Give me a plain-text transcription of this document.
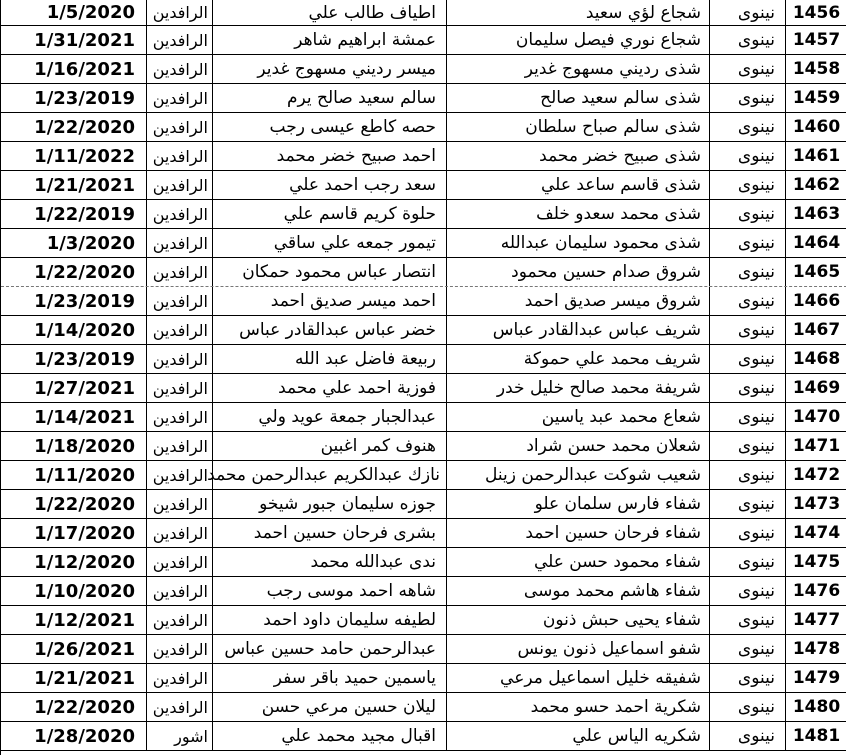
1/5/2020 الرافدين	اطياف طالب علي	شجاع لؤي سعيد نينوى 1456
1/31/2021 الرافدين	عمشة ابراهيم شاهر	شجاع نوري فيصل سليمان نينوى 1457
1/16/2021 الرافدين	ميسر رديني مسهوج غدير	شذى رديني مسهوج غدير نينوى 1458
1/23/2019 الرافدين	سالم سعيد صالح يرم	شذى سالم سعيد صالح نينوى 1459
1/22/2020 الرافدين	حصه كاطع عيسى رجب	شذى سالم صباح سلطان نينوى 1460
1/11/2022 الرافدين	احمد صبيح خضر محمد	شذى صبيح خضر محمد نينوى 1461
1/21/2021 الرافدين	سعد رجب احمد علي	شذى قاسم ساعد علي نينوى 1462
1/22/2019 الرافدين	حلوة كريم قاسم علي	شذى محمد سعدو خلف نينوى 1463
1/3/2020 الرافدين	تيمور جمعه علي ساقي	شذى محمود سليمان عبدالله نينوى 1464
1/22/2020 الرافدين انتصار عباس محمود حمكان	شروق صدام حسين محمود نينوى 1465
1/23/2019 الرافدين	احمد ميسر صديق احمد	شروق ميسر صديق احمد نينوى 1466
1/14/2020 الرافدين خضر عباس عبدالقادر عباس	شريف عباس عبدالقادر عباس نينوى 1467
1/23/2019 الرافدين	ربيعة فاضل عبد الله	شريف محمد علي حموكة نينوى 1468
1/27/2021 الرافدين	فوزية احمد علي محمد	شريفة محمد صالح خليل خدر نينوى 1469
1/14/2021 الرافدين	عبدالجبار جمعة عويد ولي	شعاع محمد عبد ياسين نينوى 1470
1/18/2020 الرافدين	هنوف كمر اغبين	شعلان محمد حسن شراد نينوى 1471
1/11/2020 الرافدين نازك عبدالكريم عبدالرحمن محمد	شعيب شوكت عبدالرحمن زينل نينوى 1472
1/22/2020 الرافدين	جوزه سليمان جبور شيخو	شفاء فارس سلمان علو نينوى 1473
1/17/2020 الرافدين	بشرى فرحان حسين احمد	شفاء فرحان حسين احمد نينوى 1474
1/12/2020 الرافدين	ندى عبدالله محمد	شفاء محمود حسن علي نينوى 1475
1/10/2020 الرافدين	شاهه احمد موسى رجب	شفاء هاشم محمد موسى نينوى 1476
1/12/2021 الرافدين	لطيفه سليمان داود احمد	شفاء يحيى حبش ذنون نينوى 1477
1/26/2021 الرافدين عبدالرحمن حامد حسين عباس	شفو اسماعيل ذنون يونس نينوى 1478
1/21/2021 الرافدين	ياسمين حميد باقر سفر	شفيقه خليل اسماعيل مرعي نينوى 1479
1/22/2020 الرافدين	ليلان حسين مرعي حسن	شكرية احمد حسو محمد نينوى 1480
1/28/2020 اشور	اقبال مجيد محمد علي	شكريه الياس علي نينوى 1481
